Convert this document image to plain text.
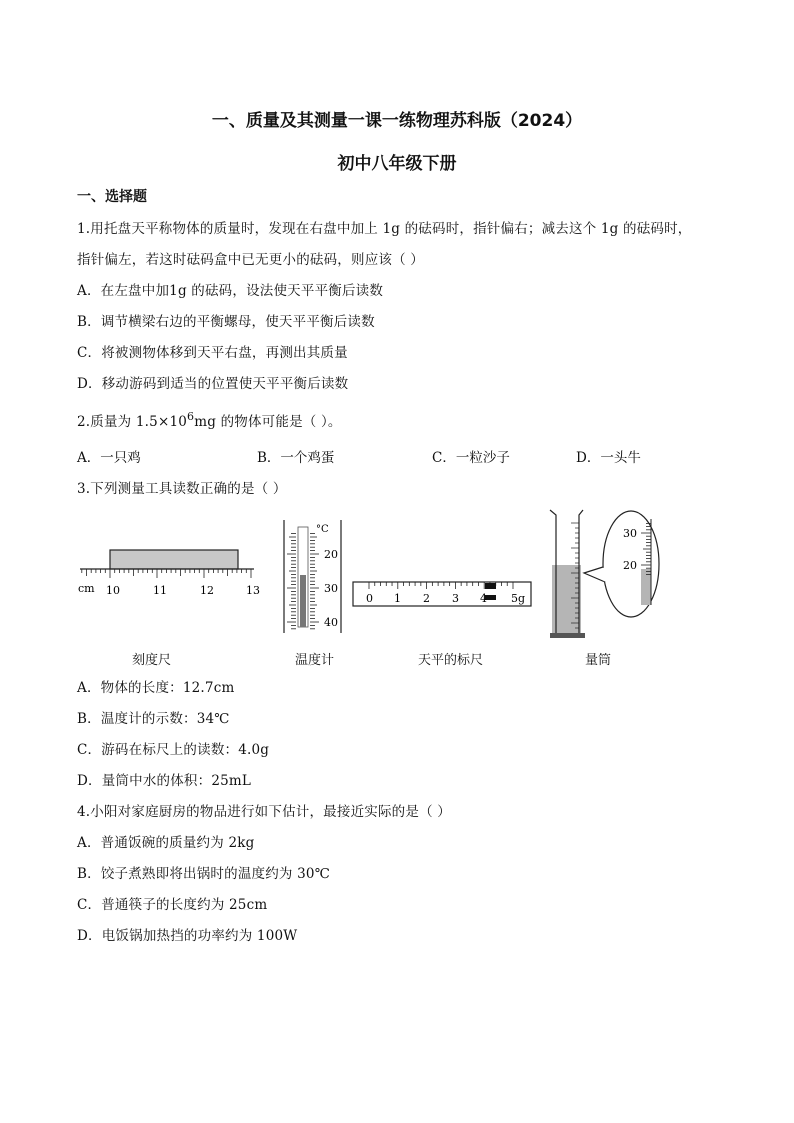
一、质量及其测量一课一练物理苏科版（2024）
初中八年级下册
一、选择题
1.用托盘天平称物体的质量时，发现在右盘中加上 1g 的砝码时，指针偏右；减去这个 1g 的砝码时，
指针偏左，若这时砝码盒中已无更小的砝码，则应该（ ）
A．在左盘中加1g 的砝码，设法使天平平衡后读数
B．调节横梁右边的平衡螺母，使天平平衡后读数
C．将被测物体移到天平右盘，再测出其质量
D．移动游码到适当的位置使天平平衡后读数
2.质量为 $1.5\times 10^6mg$ 的物体可能是（ ）。
A．一只鸡	B．一个鸡蛋	C．一粒沙子	D．一头牛
3.下列测量工具读数正确的是（ ）
cm 10	11	12	13
°C
20
30
40
0 1 2 3 4 5g
30
20
刻度尺	温度计	天平的标尺	量筒
A．物体的长度：12.7cm
B．温度计的示数：34℃
C．游码在标尺上的读数：4.0g
D．量筒中水的体积：25mL
4.小阳对家庭厨房的物品进行如下估计，最接近实际的是（ ）
A．普通饭碗的质量约为 2kg
B．饺子煮熟即将出锅时的温度约为 30℃
C．普通筷子的长度约为 25cm
D．电饭锅加热挡的功率约为 100W
